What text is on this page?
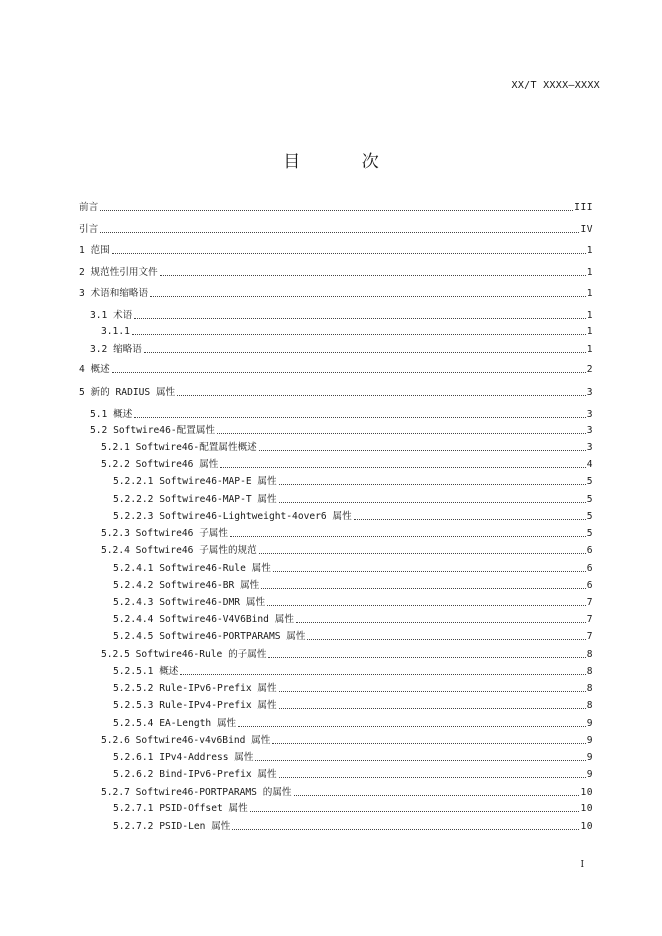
XX/T XXXX—XXXX
目 次
前言	III
引言	IV
1 范围	1
2 规范性引用文件	1
3 术语和缩略语	1
3.1 术语	1
3.1.1	1
3.2 缩略语	1
4 概述	2
5 新的 RADIUS 属性	3
5.1 概述	3
5.2 Softwire46-配置属性	3
5.2.1 Softwire46-配置属性概述	3
5.2.2 Softwire46 属性	4
5.2.2.1 Softwire46-MAP-E 属性	5
5.2.2.2 Softwire46-MAP-T 属性	5
5.2.2.3 Softwire46-Lightweight-4over6 属性	5
5.2.3 Softwire46 子属性	5
5.2.4 Softwire46 子属性的规范	6
5.2.4.1 Softwire46-Rule 属性	6
5.2.4.2 Softwire46-BR 属性	6
5.2.4.3 Softwire46-DMR 属性	7
5.2.4.4 Softwire46-V4V6Bind 属性	7
5.2.4.5 Softwire46-PORTPARAMS 属性	7
5.2.5 Softwire46-Rule 的子属性	8
5.2.5.1 概述	8
5.2.5.2 Rule-IPv6-Prefix 属性	8
5.2.5.3 Rule-IPv4-Prefix 属性	8
5.2.5.4 EA-Length 属性	9
5.2.6 Softwire46-v4v6Bind 属性	9
5.2.6.1 IPv4-Address 属性	9
5.2.6.2 Bind-IPv6-Prefix 属性	9
5.2.7 Softwire46-PORTPARAMS 的属性	10
5.2.7.1 PSID-Offset 属性	10
5.2.7.2 PSID-Len 属性	10
I
